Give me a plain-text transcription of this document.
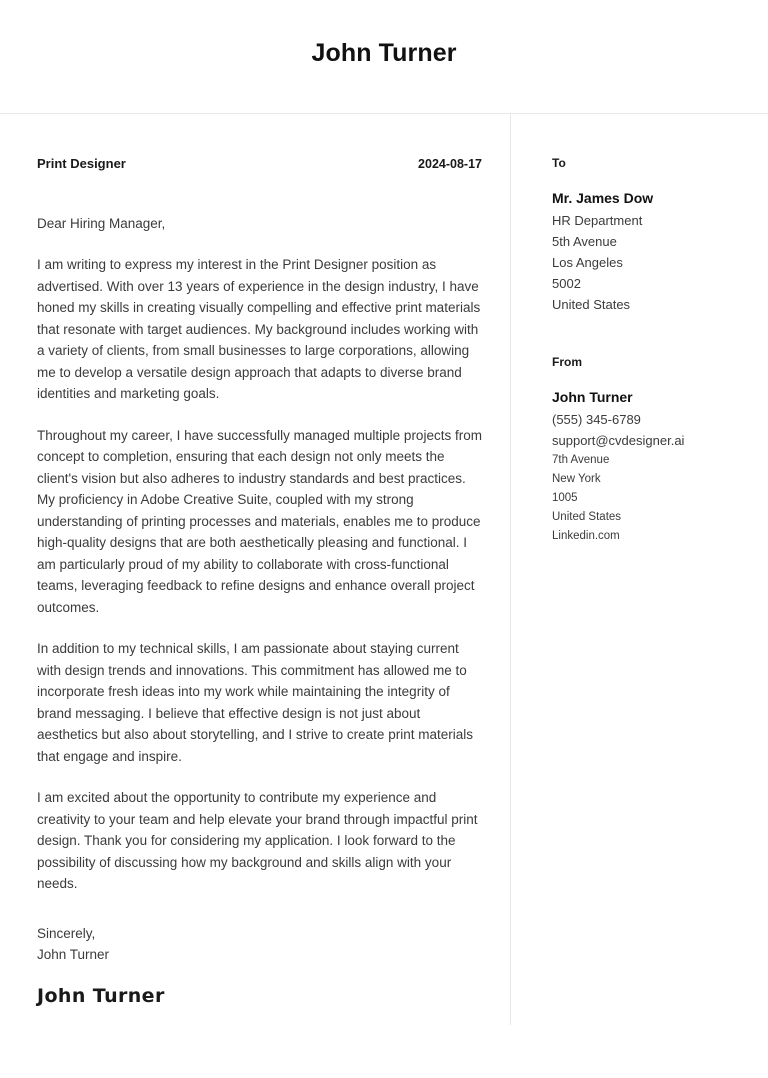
John Turner
Print Designer	2024-08-17
Dear Hiring Manager,

I am writing to express my interest in the Print Designer position as advertised. With over 13 years of experience in the design industry, I have honed my skills in creating visually compelling and effective print materials that resonate with target audiences. My background includes working with a variety of clients, from small businesses to large corporations, allowing me to develop a versatile design approach that adapts to diverse brand identities and marketing goals.

Throughout my career, I have successfully managed multiple projects from concept to completion, ensuring that each design not only meets the client's vision but also adheres to industry standards and best practices. My proficiency in Adobe Creative Suite, coupled with my strong understanding of printing processes and materials, enables me to produce high-quality designs that are both aesthetically pleasing and functional. I am particularly proud of my ability to collaborate with cross-functional teams, leveraging feedback to refine designs and enhance overall project outcomes.

In addition to my technical skills, I am passionate about staying current with design trends and innovations. This commitment has allowed me to incorporate fresh ideas into my work while maintaining the integrity of brand messaging. I believe that effective design is not just about aesthetics but also about storytelling, and I strive to create print materials that engage and inspire.

I am excited about the opportunity to contribute my experience and creativity to your team and help elevate your brand through impactful print design. Thank you for considering my application. I look forward to the possibility of discussing how my background and skills align with your needs.

Sincerely,
John Turner
John Turner
To
Mr. James Dow
HR Department
5th Avenue
Los Angeles
5002
United States
From
John Turner
(555) 345-6789
support@cvdesigner.ai
7th Avenue
New York
1005
United States
Linkedin.com
